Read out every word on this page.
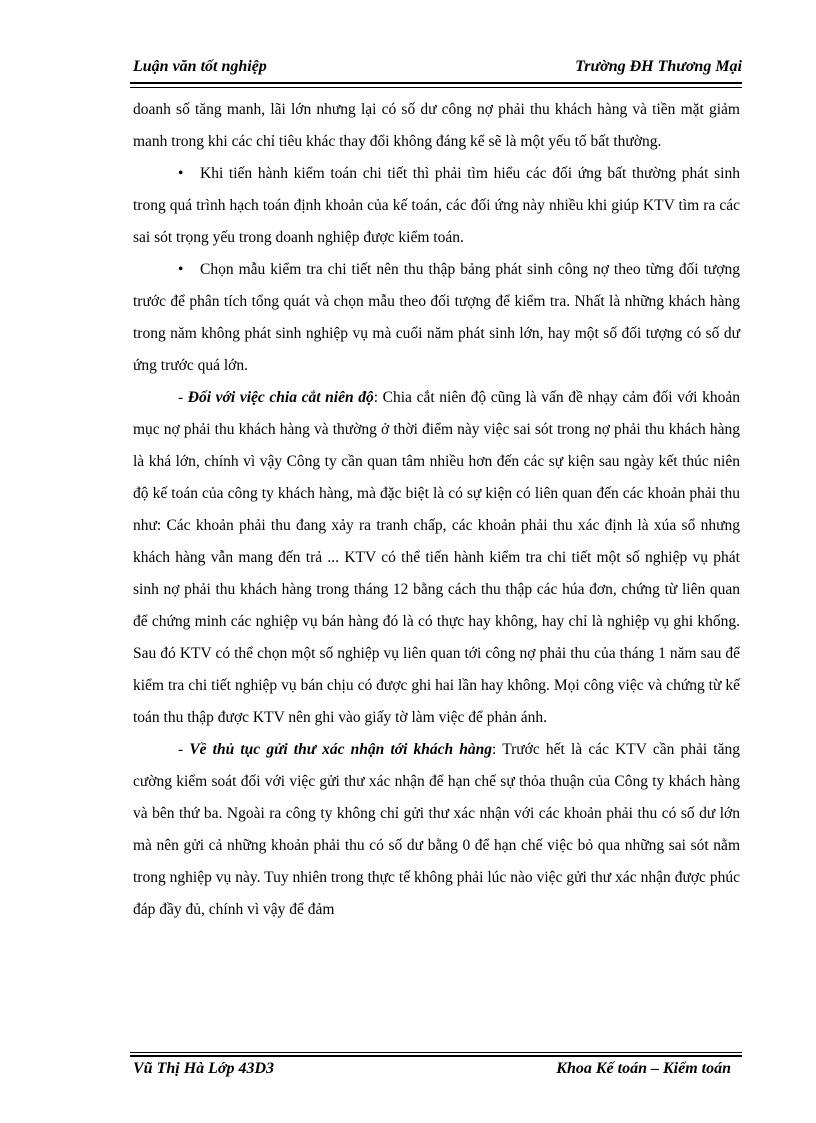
Luận văn tốt nghiệp	Trường ĐH Thương Mại

doanh số tăng manh, lãi lớn nhưng lại có số dư công nợ phải thu khách hàng và tiền mặt giảm manh trong khi các chỉ tiêu khác thay đổi không đáng kể sẽ là một yếu tố bất thường.

• Khi tiến hành kiểm toán chi tiết thì phải tìm hiểu các đối ứng bất thường phát sinh trong quá trình hạch toán định khoản của kế toán, các đối ứng này nhiều khi giúp KTV tìm ra các sai sót trọng yếu trong doanh nghiệp được kiểm toán.

• Chọn mẫu kiểm tra chi tiết nên thu thập bảng phát sinh công nợ theo từng đối tượng trước để phân tích tổng quát và chọn mẫu theo đối tượng để kiểm tra. Nhất là những khách hàng trong năm không phát sinh nghiệp vụ mà cuối năm phát sinh lớn, hay một số đối tượng có số dư ứng trước quá lớn.

- Đối với việc chia cắt niên độ: Chia cắt niên độ cũng là vấn đề nhạy cảm đối với khoản mục nợ phải thu khách hàng và thường ở thời điểm này việc sai sót trong nợ phải thu khách hàng là khá lớn, chính vì vậy Công ty cần quan tâm nhiều hơn đến các sự kiện sau ngày kết thúc niên độ kế toán của công ty khách hàng, mà đặc biệt là có sự kiện có liên quan đến các khoản phải thu như: Các khoản phải thu đang xảy ra tranh chấp, các khoản phải thu xác định là xúa sổ nhưng khách hàng vẫn mang đến trả ... KTV có thể tiến hành kiểm tra chi tiết một số nghiệp vụ phát sinh nợ phải thu khách hàng trong tháng 12 bằng cách thu thập các húa đơn, chứng từ liên quan để chứng minh các nghiệp vụ bán hàng đó là có thực hay không, hay chỉ là nghiệp vụ ghi khống. Sau đó KTV có thể chọn một số nghiệp vụ liên quan tới công nợ phải thu của tháng 1 năm sau để kiểm tra chi tiết nghiệp vụ bán chịu có được ghi hai lần hay không. Mọi công việc và chứng từ kế toán thu thập được KTV nên ghi vào giấy tờ làm việc để phản ánh.

- Về thủ tục gửi thư xác nhận tới khách hàng: Trước hết là các KTV cần phải tăng cường kiểm soát đối với việc gửi thư xác nhận để hạn chế sự thỏa thuận của Công ty khách hàng và bên thứ ba. Ngoài ra công ty không chỉ gửi thư xác nhận với các khoản phải thu có số dư lớn mà nên gửi cả những khoản phải thu có số dư bằng 0 để hạn chế việc bỏ qua những sai sót nằm trong nghiệp vụ này. Tuy nhiên trong thực tế không phải lúc nào việc gửi thư xác nhận được phúc đáp đầy đủ, chính vì vậy để đảm

Vũ Thị Hà Lớp 43D3	Khoa Kế toán – Kiểm toán
